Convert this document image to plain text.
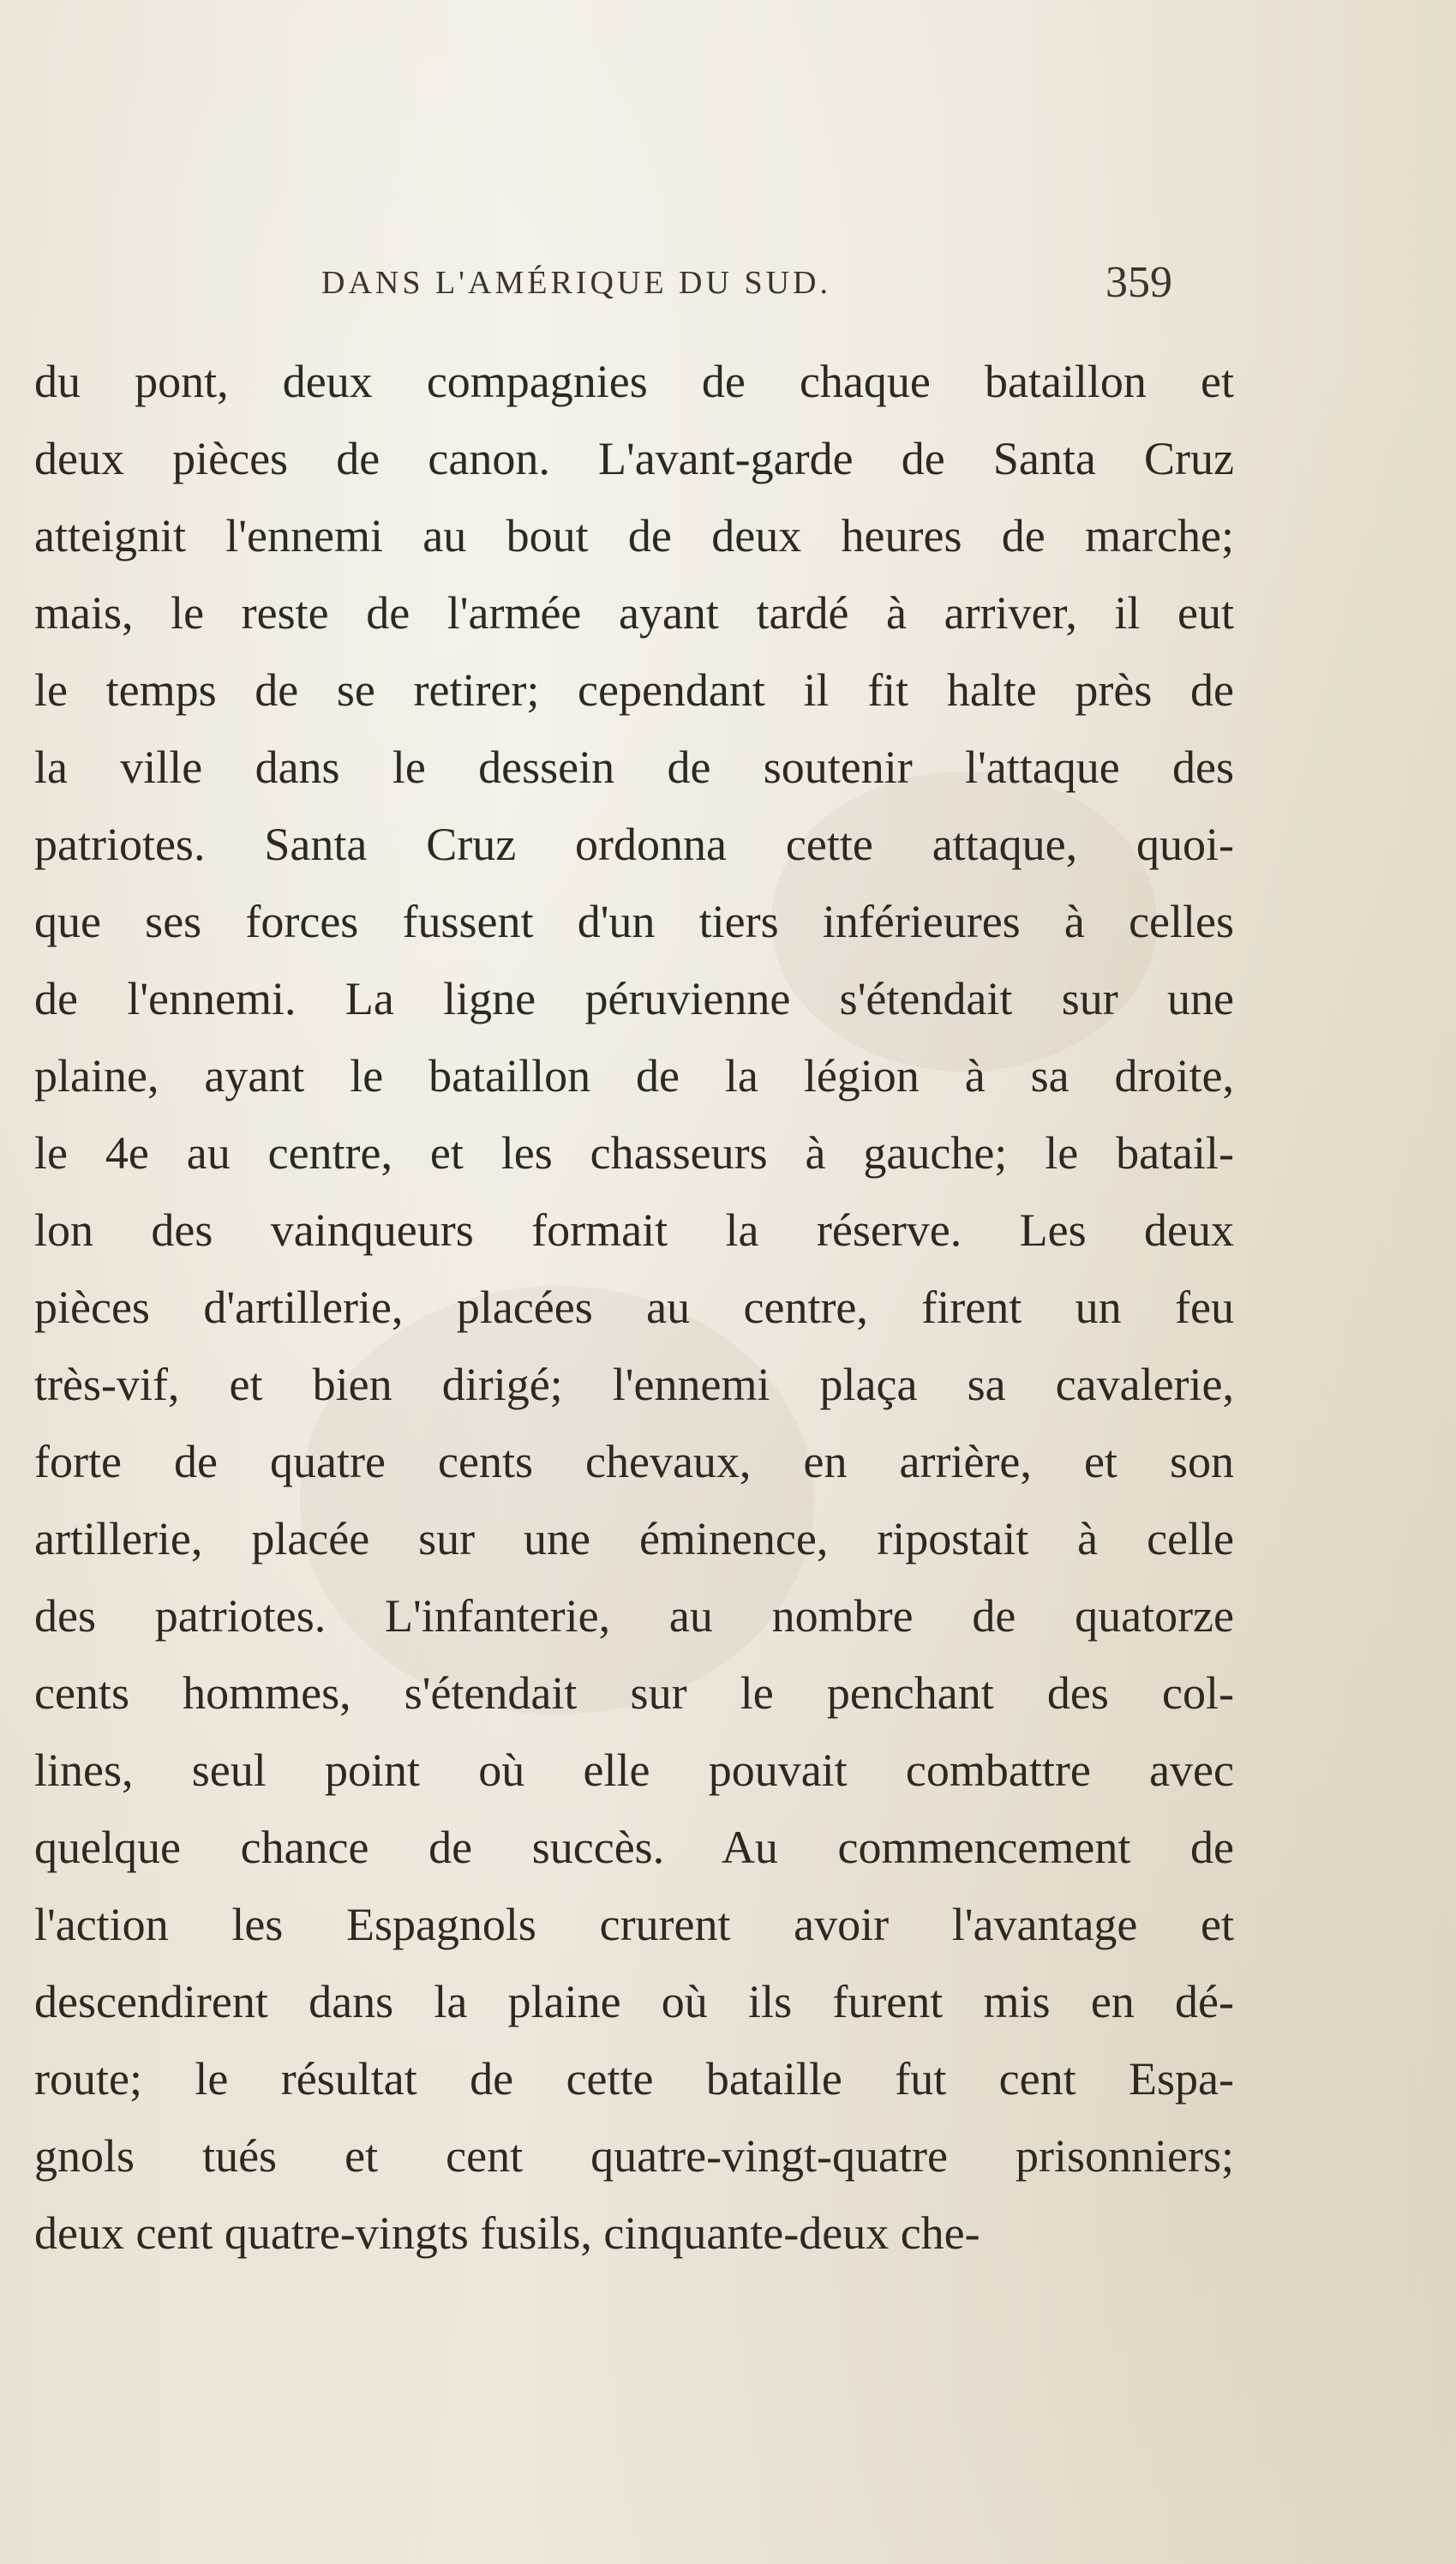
DANS L'AMÉRIQUE DU SUD.	359
du pont, deux compagnies de chaque bataillon et
deux pièces de canon. L'avant-garde de Santa Cruz
atteignit l'ennemi au bout de deux heures de marche;
mais, le reste de l'armée ayant tardé à arriver, il eut
le temps de se retirer; cependant il fit halte près de
la ville dans le dessein de soutenir l'attaque des
patriotes. Santa Cruz ordonna cette attaque, quoi-
que ses forces fussent d'un tiers inférieures à celles
de l'ennemi. La ligne péruvienne s'étendait sur une
plaine, ayant le bataillon de la légion à sa droite,
le 4e au centre, et les chasseurs à gauche; le batail-
lon des vainqueurs formait la réserve. Les deux
pièces d'artillerie, placées au centre, firent un feu
très-vif, et bien dirigé; l'ennemi plaça sa cavalerie,
forte de quatre cents chevaux, en arrière, et son
artillerie, placée sur une éminence, ripostait à celle
des patriotes. L'infanterie, au nombre de quatorze
cents hommes, s'étendait sur le penchant des col-
lines, seul point où elle pouvait combattre avec
quelque chance de succès. Au commencement de
l'action les Espagnols crurent avoir l'avantage et
descendirent dans la plaine où ils furent mis en dé-
route; le résultat de cette bataille fut cent Espa-
gnols tués et cent quatre-vingt-quatre prisonniers;
deux cent quatre-vingts fusils, cinquante-deux che-
